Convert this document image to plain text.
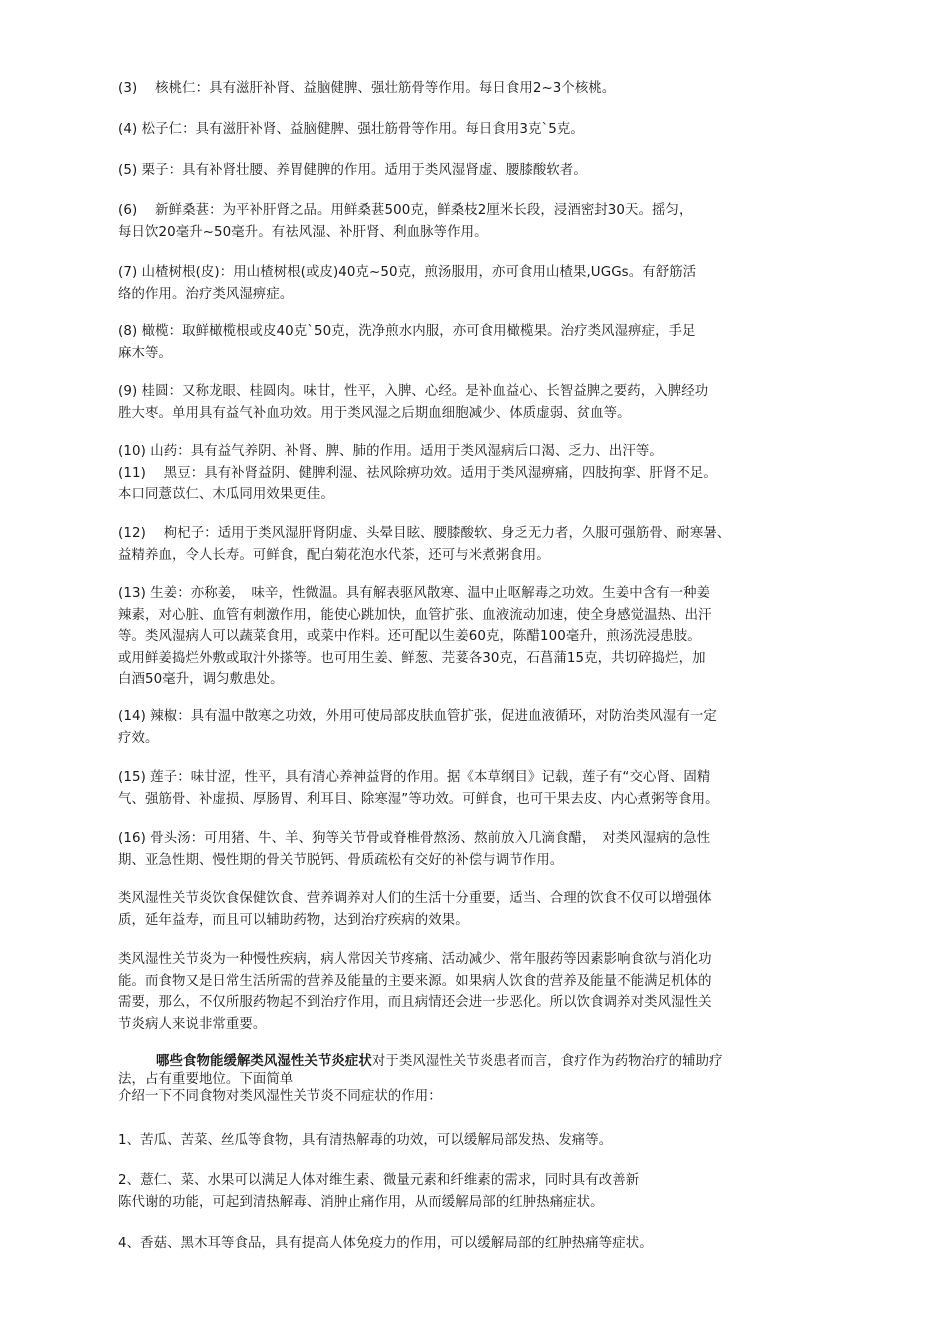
(3)　 核桃仁：具有滋肝补肾、益脑健脾、强壮筋骨等作用。每日食用2~3个核桃。

(4) 松子仁：具有滋肝补肾、益脑健脾、强壮筋骨等作用。每日食用3克`5克。

(5) 栗子：具有补肾壮腰、养胃健脾的作用。适用于类风湿肾虚、腰膝酸软者。

(6)　 新鲜桑葚：为平补肝肾之品。用鲜桑葚500克，鲜桑枝2厘米长段，浸酒密封30天。摇匀，
每日饮20毫升~50毫升。有祛风湿、补肝肾、利血脉等作用。

(7) 山楂树根(皮)：用山楂树根(或皮)40克~50克，煎汤服用，亦可食用山楂果,UGGs。有舒筋活
络的作用。治疗类风湿痹症。

(8) 橄榄：取鲜橄榄根或皮40克`50克，洗净煎水内服，亦可食用橄榄果。治疗类风湿痹症，手足
麻木等。

(9) 桂圆：又称龙眼、桂圆肉。味甘，性平，入脾、心经。是补血益心、长智益脾之要药，入脾经功
胜大枣。单用具有益气补血功效。用于类风湿之后期血细胞减少、体质虚弱、贫血等。

(10) 山药：具有益气养阴、补肾、脾、肺的作用。适用于类风湿病后口渴、乏力、出汗等。
(11)　 黑豆：具有补肾益阴、健脾利湿、祛风除痹功效。适用于类风湿痹痛，四肢拘挛、肝肾不足。
本口同薏苡仁、木瓜同用效果更佳。

(12)　 枸杞子：适用于类风湿肝肾阴虚、头晕目眩、腰膝酸软、身乏无力者，久服可强筋骨、耐寒暑、
益精养血，令人长寿。可鲜食，配白菊花泡水代茶，还可与米煮粥食用。

(13) 生姜：亦称姜，　味辛，性微温。具有解表驱风散寒、温中止呕解毒之功效。生姜中含有一种姜
辣素，对心脏、血管有刺激作用，能使心跳加快，血管扩张、血液流动加速，使全身感觉温热、出汗
等。类风湿病人可以蔬菜食用，或菜中作料。还可配以生姜60克，陈醋100毫升，煎汤洗浸患肢。
或用鲜姜捣烂外敷或取汁外搽等。也可用生姜、鲜葱、芫荽各30克，石菖蒲15克，共切碎捣烂，加
白酒50毫升，调匀敷患处。

(14) 辣椒：具有温中散寒之功效，外用可使局部皮肤血管扩张，促进血液循环，对防治类风湿有一定
疗效。

(15) 莲子：味甘涩，性平，具有清心养神益肾的作用。据《本草纲目》记载，莲子有“交心肾、固精
气、强筋骨、补虚损、厚肠胃、利耳目、除寒湿”等功效。可鲜食，也可干果去皮、内心煮粥等食用。

(16) 骨头汤：可用猪、牛、羊、狗等关节骨或脊椎骨熬汤、熬前放入几滴食醋，　对类风湿病的急性
期、亚急性期、慢性期的骨关节脱钙、骨质疏松有交好的补偿与调节作用。

类风湿性关节炎饮食保健饮食、营养调养对人们的生活十分重要，适当、合理的饮食不仅可以增强体
质，延年益寿，而且可以辅助药物，达到治疗疾病的效果。

类风湿性关节炎为一种慢性疾病，病人常因关节疼痛、活动减少、常年服药等因素影响食欲与消化功
能。而食物又是日常生活所需的营养及能量的主要来源。如果病人饮食的营养及能量不能满足机体的
需要，那么，不仅所服药物起不到治疗作用，而且病情还会进一步恶化。所以饮食调养对类风湿性关
节炎病人来说非常重要。

哪些食物能缓解类风湿性关节炎症状对于类风湿性关节炎患者而言，食疗作为药物治疗的辅助疗
法，占有重要地位。下面简单
介绍一下不同食物对类风湿性关节炎不同症状的作用：

1、苦瓜、苦菜、丝瓜等食物，具有清热解毒的功效，可以缓解局部发热、发痛等。

2、薏仁、菜、水果可以满足人体对维生素、微量元素和纤维素的需求，同时具有改善新
陈代谢的功能，可起到清热解毒、消肿止痛作用，从而缓解局部的红肿热痛症状。

4、香菇、黑木耳等食品，具有提高人体免疫力的作用，可以缓解局部的红肿热痛等症状。
